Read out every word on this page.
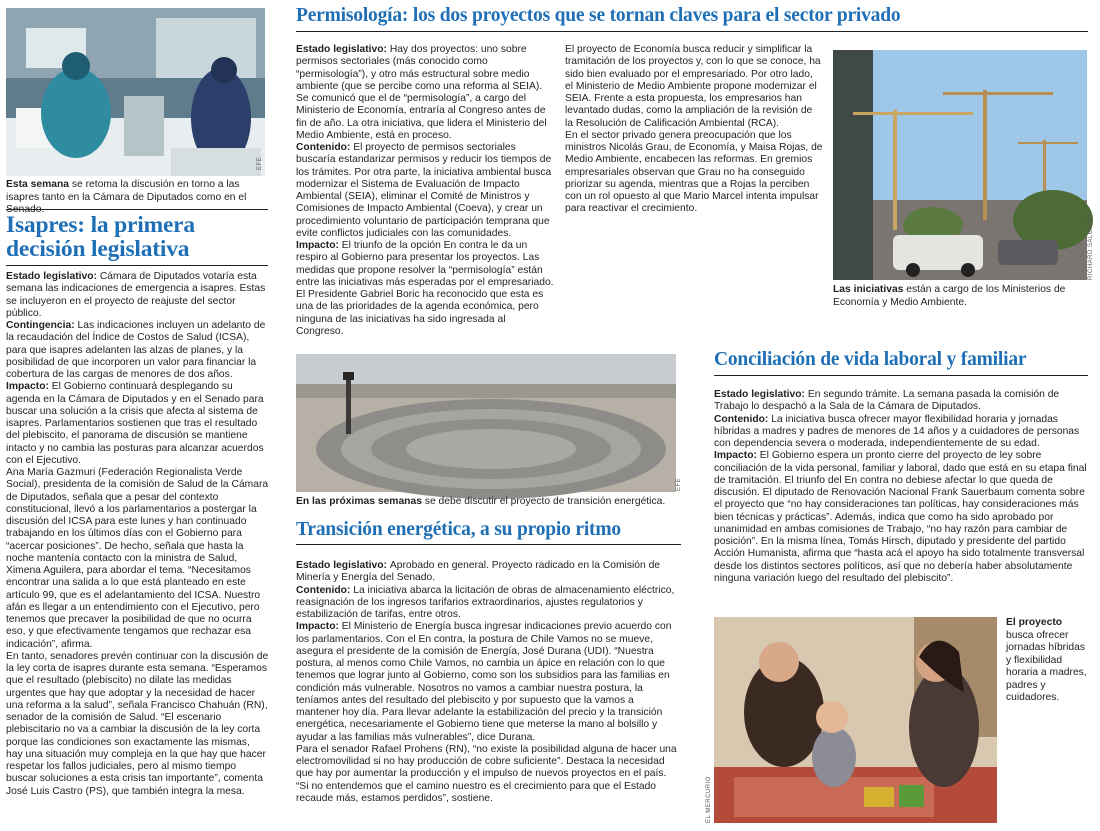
EFE
Esta semana se retoma la discusión en torno a las isapres tanto en la Cámara de Diputados como en el
Isapres: la primera decisión legislativa

Estado legislativo: Cámara de Diputados votaría esta semana las indicaciones de emergencia a isapres. Estas se incluyeron en el proyecto de reajuste del sector público.

Contingencia: Las indicaciones incluyen un adelanto de la recaudación del Índice de Costos de Salud (ICSA), para que isapres adelanten las alzas de planes, y la posibilidad de que incorporen un valor para financiar la cobertura de las cargas de menores de dos años.

Impacto: El Gobierno continuará desplegando su agenda en la Cámara de Diputados y en el Senado para buscar una solución a la crisis que afecta al sistema de isapres. Parlamentarios sostienen que tras el resultado del plebiscito, el panorama de discusión se mantiene intacto y no cambia las posturas para alcanzar acuerdos con el Ejecutivo.

Ana María Gazmuri (Federación Regionalista Verde Social), presidenta de la comisión de Salud de la Cámara de Diputados, señala que a pesar del contexto constitucional, llevó a los parlamentarios a postergar la discusión del ICSA para este lunes y han continuado trabajando en los últimos días con el Gobierno para “acercar posiciones”. De hecho, señala que hasta la noche mantenía contacto con la ministra de Salud, Ximena Aguilera, para abordar el tema. “Necesitamos encontrar una salida a lo que está planteado en este artículo 99, que es el adelantamiento del ICSA. Nuestro afán es llegar a un entendimiento con el Ejecutivo, pero tenemos que precaver la posibilidad de que no ocurra eso, y que efectivamente tengamos que rechazar esa indicación”, afirma.

En tanto, senadores prevén continuar con la discusión de la ley corta de isapres durante esta semana. “Esperamos que el resultado (plebiscito) no dilate las medidas urgentes que hay que adoptar y la necesidad de hacer una reforma a la salud”, señala Francisco Chahuán (RN), senador de la comisión de Salud. “El escenario plebiscitario no va a cambiar la discusión de la ley corta porque las condiciones son exactamente las mismas, hay una situación muy compleja en la que hay que hacer respetar los fallos judiciales, pero al mismo tiempo buscar soluciones a esta crisis tan importante”, comenta José Luis Castro (PS), que también integra la mesa.

Permisología: los dos proyectos que se tornan claves para el sector privado

Estado legislativo: Hay dos proyectos: uno sobre permisos sectoriales (más conocido como “permisología”), y otro más estructural sobre medio ambiente (que se percibe como una reforma al SEIA). Se comunicó que el de “permisología”, a cargo del Ministerio de Economía, entraría al Congreso antes de fin de año. La otra iniciativa, que lidera el Ministerio del Medio Ambiente, está en proceso.

Contenido: El proyecto de permisos sectoriales buscaría estandarizar permisos y reducir los tiempos de los trámites. Por otra parte, la iniciativa ambiental busca modernizar el Sistema de Evaluación de Impacto Ambiental (SEIA), eliminar el Comité de Ministros y Comisiones de Impacto Ambiental (Coeva), y crear un procedimiento voluntario de participación temprana que evite conflictos judiciales con las comunidades.

Impacto: El triunfo de la opción En contra le da un respiro al Gobierno para presentar los proyectos. Las medidas que propone resolver la “permisología” están entre las iniciativas más esperadas por el empresariado. El Presidente Gabriel Boric ha reconocido que esta es una de las prioridades de la agenda económica, pero ninguna de las iniciativas ha sido ingresada al Congreso.

El proyecto de Economía busca reducir y simplificar la tramitación de los proyectos y, con lo que se conoce, ha sido bien evaluado por el empresariado. Por otro lado, el Ministerio de Medio Ambiente propone modernizar el SEIA. Frente a esta propuesta, los empresarios han levantado dudas, como la ampliación de la revisión de la Resolución de Calificación Ambiental (RCA).

En el sector privado genera preocupación que los ministros Nicolás Grau, de Economía, y Maisa Rojas, de Medio Ambiente, encabecen las reformas. En gremios empresariales observan que Grau no ha conseguido priorizar su agenda, mientras que a Rojas la perciben con un rol opuesto al que Mario Marcel intenta impulsar para reactivar el crecimiento.

RICHARD SALGADO
Las iniciativas están a cargo de los Ministerios de Economía y Medio Ambiente.
EFE
En las próximas semanas se debe discutir el proyecto de transición energética.
Transición energética, a su propio ritmo

Estado legislativo: Aprobado en general. Proyecto radicado en la Comisión de Minería y Energía del Senado.

Contenido: La iniciativa abarca la licitación de obras de almacenamiento eléctrico, reasignación de los ingresos tarifarios extraordinarios, ajustes regulatorios y estabilización de tarifas, entre otros.

Impacto: El Ministerio de Energía busca ingresar indicaciones previo acuerdo con los parlamentarios. Con el En contra, la postura de Chile Vamos no se mueve, asegura el presidente de la comisión de Energía, José Durana (UDI). “Nuestra postura, al menos como Chile Vamos, no cambia un ápice en relación con lo que tenemos que lograr junto al Gobierno, como son los subsidios para las familias en condición más vulnerable. Nosotros no vamos a cambiar nuestra postura, la teníamos antes del resultado del plebiscito y por supuesto que la vamos a mantener hoy día. Para llevar adelante la estabilización del precio y la transición energética, necesariamente el Gobierno tiene que meterse la mano al bolsillo y ayudar a las familias más vulnerables”, dice Durana.

Para el senador Rafael Prohens (RN), “no existe la posibilidad alguna de hacer una electromovilidad si no hay producción de cobre suficiente”. Destaca la necesidad que hay por aumentar la producción y el impulso de nuevos proyectos en el país. “Si no entendemos que el camino nuestro es el crecimiento para que el Estado recaude más, estamos perdidos”, sostiene.

Conciliación de vida laboral y familiar

Estado legislativo: En segundo trámite. La semana pasada la comisión de Trabajo lo despachó a la Sala de la Cámara de Diputados.

Contenido: La iniciativa busca ofrecer mayor flexibilidad horaria y jornadas híbridas a madres y padres de menores de 14 años y a cuidadores de personas con dependencia severa o moderada, independientemente de su edad.

Impacto: El Gobierno espera un pronto cierre del proyecto de ley sobre conciliación de la vida personal, familiar y laboral, dado que está en su etapa final de tramitación. El triunfo del En contra no debiese afectar lo que queda de discusión. El diputado de Renovación Nacional Frank Sauerbaum comenta sobre el proyecto que “no hay consideraciones tan políticas, hay consideraciones más bien técnicas y prácticas”. Además, indica que como ha sido aprobado por unanimidad en ambas comisiones de Trabajo, “no hay razón para cambiar de posición”. En la misma línea, Tomás Hirsch, diputado y presidente del partido Acción Humanista, afirma que “hasta acá el apoyo ha sido totalmente transversal desde los distintos sectores políticos, así que no debería haber absolutamente ninguna variación luego del resultado del plebiscito”.

EL MERCURIO
El proyectobusca ofrecer jornadas híbridas y flexibilidad horaria a madres, padres y cuidadores.
